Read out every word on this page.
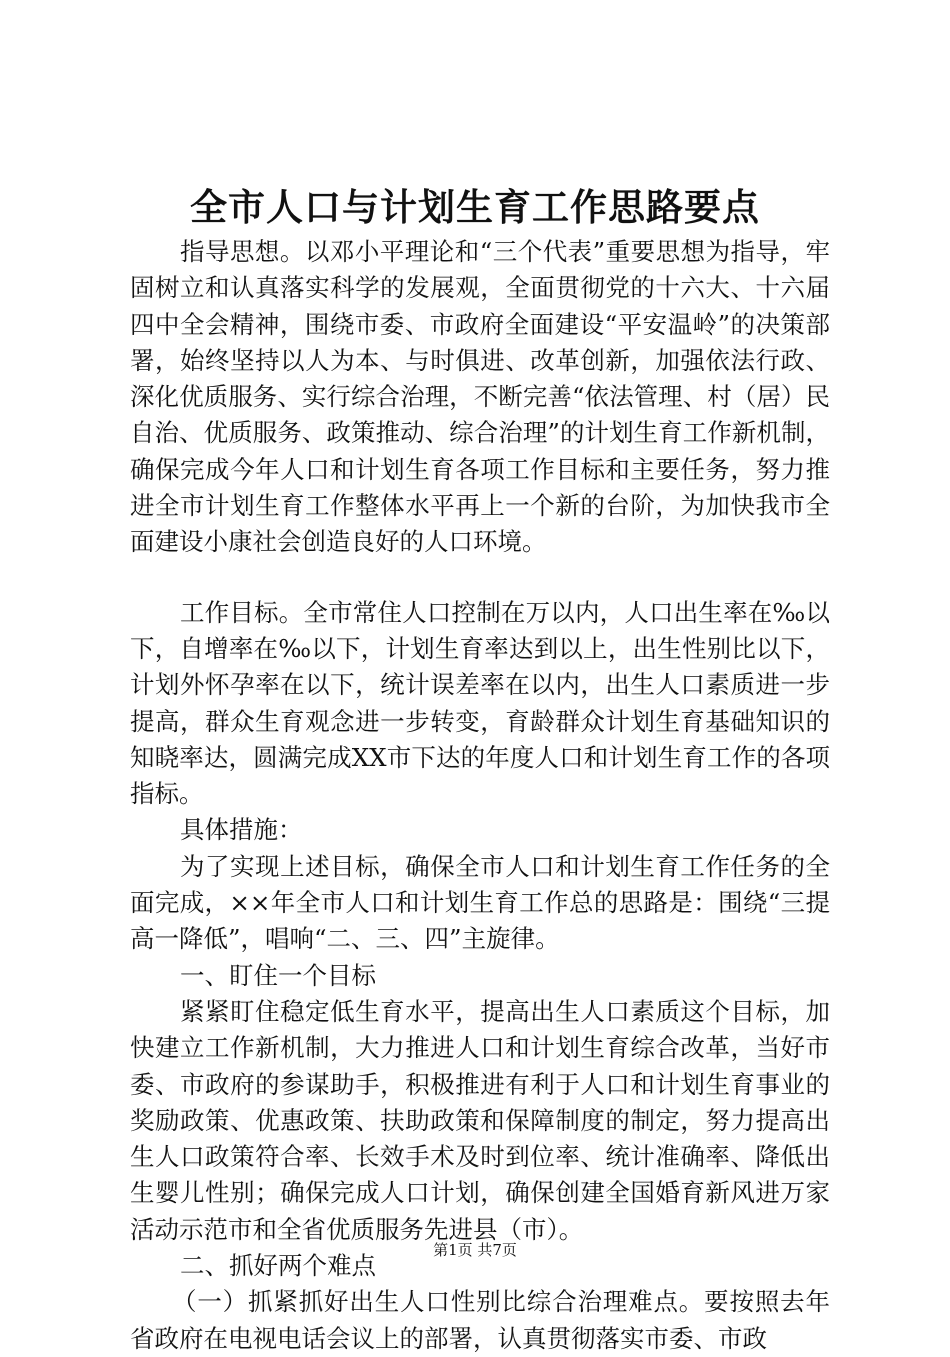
全市人口与计划生育工作思路要点

指导思想。以邓小平理论和“三个代表”重要思想为指导，牢固树立和认真落实科学的发展观，全面贯彻党的十六大、十六届四中全会精神，围绕市委、市政府全面建设“平安温岭”的决策部署，始终坚持以人为本、与时俱进、改革创新，加强依法行政、深化优质服务、实行综合治理，不断完善“依法管理、村（居）民自治、优质服务、政策推动、综合治理”的计划生育工作新机制，确保完成今年人口和计划生育各项工作目标和主要任务，努力推进全市计划生育工作整体水平再上一个新的台阶，为加快我市全面建设小康社会创造良好的人口环境。

工作目标。全市常住人口控制在万以内，人口出生率在‰以下，自增率在‰以下，计划生育率达到以上，出生性别比以下，计划外怀孕率在以下，统计误差率在以内，出生人口素质进一步提高，群众生育观念进一步转变，育龄群众计划生育基础知识的知晓率达，圆满完成XX市下达的年度人口和计划生育工作的各项指标。

具体措施：

为了实现上述目标，确保全市人口和计划生育工作任务的全面完成，××年全市人口和计划生育工作总的思路是：围绕“三提高一降低”，唱响“二、三、四”主旋律。

一、盯住一个目标

紧紧盯住稳定低生育水平，提高出生人口素质这个目标，加快建立工作新机制，大力推进人口和计划生育综合改革，当好市委、市政府的参谋助手，积极推进有利于人口和计划生育事业的奖励政策、优惠政策、扶助政策和保障制度的制定，努力提高出生人口政策符合率、长效手术及时到位率、统计准确率、降低出生婴儿性别；确保完成人口计划，确保创建全国婚育新风进万家活动示范市和全省优质服务先进县（市）。

二、抓好两个难点

（一）抓紧抓好出生人口性别比综合治理难点。要按照去年省政府在电视电话会议上的部署，认真贯彻落实市委、市政

第1页 共7页
